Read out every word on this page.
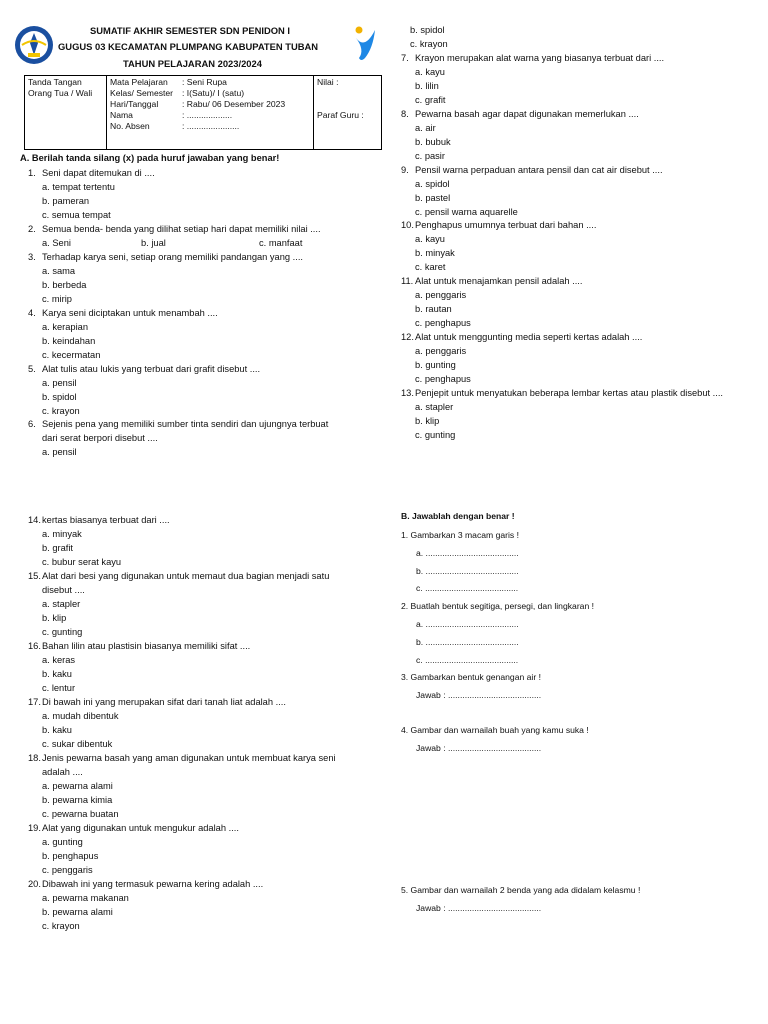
SUMATIF AKHIR SEMESTER SDN PENIDON I
GUGUS 03 KECAMATAN PLUMPANG KABUPATEN TUBAN
TAHUN PELAJARAN 2023/2024
Tanda Tangan
Orang Tua / Wali

Mata Pelajaran : Seni Rupa
Kelas/ Semester : I(Satu)/ I (satu)
Hari/Tanggal	: Rabu/ 06 Desember 2023
Nama	: ...................
No. Absen	: ......................

Nilai :

Paraf Guru :
A. Berilah tanda silang (x) pada huruf jawaban yang benar!
1. Seni dapat ditemukan di ....
a. tempat tertentu
b. pameran
c. semua tempat
2. Semua benda- benda yang dilihat setiap hari dapat memiliki nilai ....
a. Seni	b. jual	c. manfaat
3. Terhadap karya seni, setiap orang memiliki pandangan yang ....
a. sama
b. berbeda
c. mirip
4. Karya seni diciptakan untuk menambah ....
a. kerapian
b. keindahan
c. kecermatan
5. Alat tulis atau lukis yang terbuat dari grafit disebut ....
a. pensil
b. spidol
c. krayon
6. Sejenis pena yang memiliki sumber tinta sendiri dan ujungnya terbuat
dari serat berpori disebut ....
a. pensil
b. spidol
c. krayon
7. Krayon merupakan alat warna yang biasanya terbuat dari ....
a. kayu
b. lilin
c. grafit
8. Pewarna basah agar dapat digunakan memerlukan ....
a. air
b. bubuk
c. pasir
9. Pensil warna perpaduan antara pensil dan cat air disebut ....
a. spidol
b. pastel
c. pensil warna aquarelle
10. Penghapus umumnya terbuat dari bahan ....
a. kayu
b. minyak
c. karet
11. Alat untuk menajamkan pensil adalah ....
a. penggaris
b. rautan
c. penghapus
12. Alat untuk menggunting media seperti kertas adalah ....
a. penggaris
b. gunting
c. penghapus
13. Penjepit untuk menyatukan beberapa lembar kertas atau plastik disebut ....
a. stapler
b. klip
c. gunting
14. kertas biasanya terbuat dari ....
a. minyak
b. grafit
c. bubur serat kayu
15. Alat dari besi yang digunakan untuk memaut dua bagian menjadi satu
disebut ....
a. stapler
b. klip
c. gunting
16. Bahan lilin atau plastisin biasanya memiliki sifat ....
a. keras
b. kaku
c. lentur
17. Di bawah ini yang merupakan sifat dari tanah liat adalah ....
a. mudah dibentuk
b. kaku
c. sukar dibentuk
18. Jenis pewarna basah yang aman digunakan untuk membuat karya seni
adalah ....
a. pewarna alami
b. pewarna kimia
c. pewarna buatan
19. Alat yang digunakan untuk mengukur adalah ....
a. gunting
b. penghapus
c. penggaris
20. Dibawah ini yang termasuk pewarna kering adalah ....
a. pewarna makanan
b. pewarna alami
c. krayon
B. Jawablah dengan benar !
1. Gambarkan 3 macam garis !
a. .......................................
b. .......................................
c. .......................................
2. Buatlah bentuk segitiga, persegi, dan lingkaran !
a. .......................................
b. .......................................
c. .......................................
3. Gambarkan bentuk genangan air !
Jawab : .......................................
4. Gambar dan warnailah buah yang kamu suka !
Jawab : .......................................
5. Gambar dan warnailah 2 benda yang ada didalam kelasmu !
Jawab : .......................................
